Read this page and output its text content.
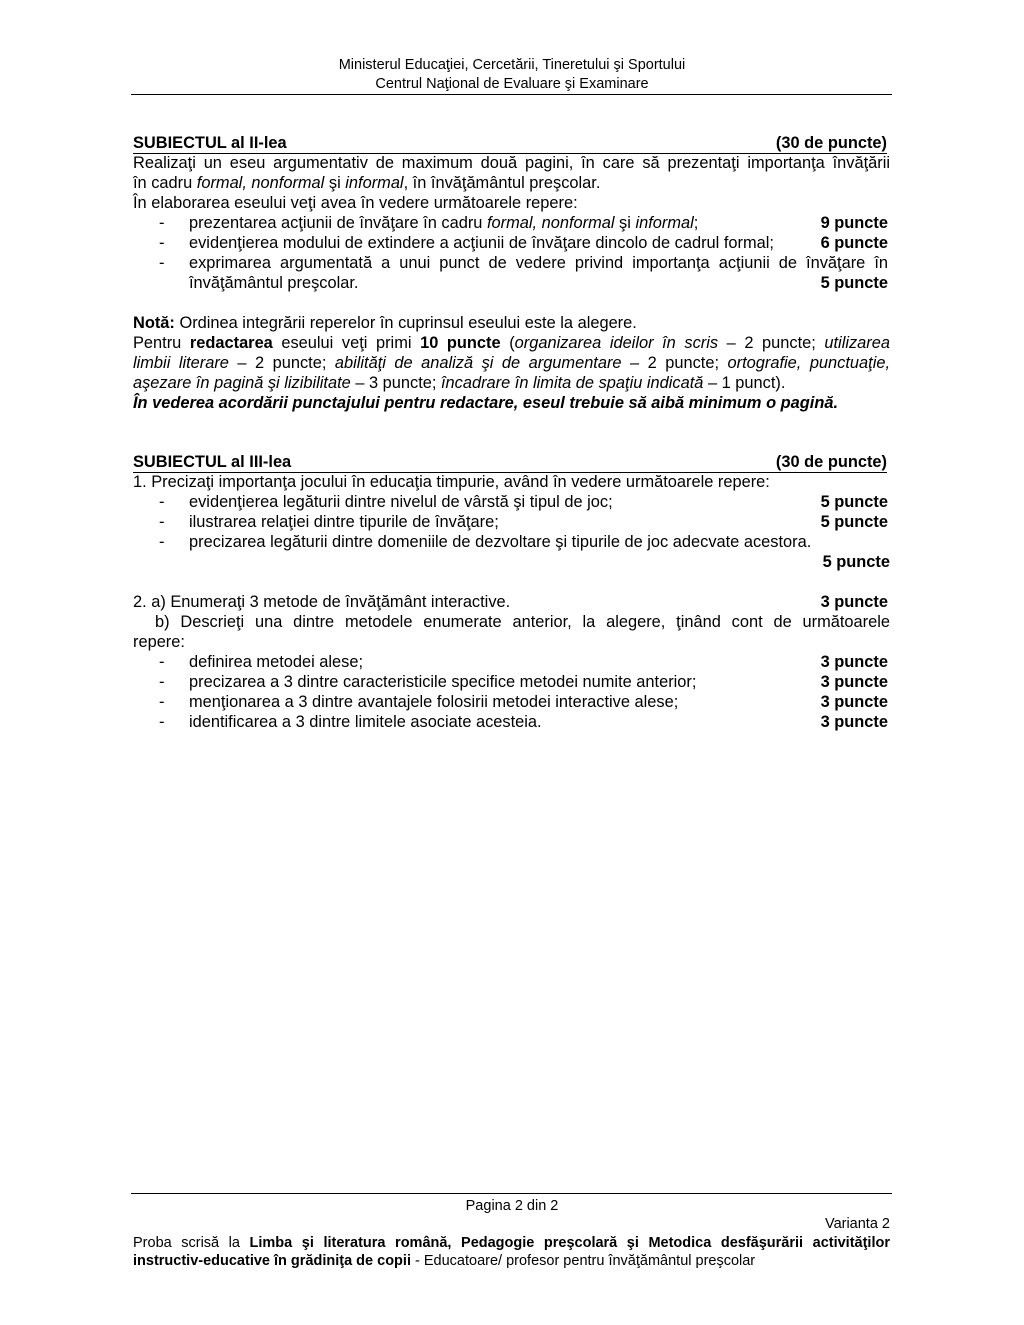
Ministerul Educaţiei, Cercetării, Tineretului şi Sportului
Centrul Naţional de Evaluare şi Examinare
SUBIECTUL al II-lea	(30 de puncte)
Realizaţi un eseu argumentativ de maximum două pagini, în care să prezentaţi importanţa învăţării
în cadru formal, nonformal şi informal, în învăţământul preşcolar.
În elaborarea eseului veţi avea în vedere următoarele repere:
- prezentarea acţiunii de învăţare în cadru formal, nonformal şi informal;	9 puncte
- evidenţierea modului de extindere a acţiunii de învăţare dincolo de cadrul formal;	6 puncte
- exprimarea argumentată a unui punct de vedere privind importanţa acţiunii de învăţare în
învăţământul preşcolar.	5 puncte
Notă: Ordinea integrării reperelor în cuprinsul eseului este la alegere.
Pentru redactarea eseului veţi primi 10 puncte (organizarea ideilor în scris – 2 puncte; utilizarea
limbii literare – 2 puncte; abilităţi de analiză şi de argumentare – 2 puncte; ortografie, punctuaţie,
aşezare în pagină şi lizibilitate – 3 puncte; încadrare în limita de spaţiu indicată – 1 punct).
În vederea acordării punctajului pentru redactare, eseul trebuie să aibă minimum o pagină.
SUBIECTUL al III-lea	(30 de puncte)
1. Precizaţi importanţa jocului în educaţia timpurie, având în vedere următoarele repere:
- evidenţierea legăturii dintre nivelul de vârstă şi tipul de joc;	5 puncte
- ilustrarea relaţiei dintre tipurile de învăţare;	5 puncte
- precizarea legăturii dintre domeniile de dezvoltare şi tipurile de joc adecvate acestora.
5 puncte
2. a) Enumeraţi 3 metode de învăţământ interactive.	3 puncte
b) Descrieţi una dintre metodele enumerate anterior, la alegere, ţinând cont de următoarele
repere:
- definirea metodei alese;	3 puncte
- precizarea a 3 dintre caracteristicile specifice metodei numite anterior;	3 puncte
- menţionarea a 3 dintre avantajele folosirii metodei interactive alese;	3 puncte
- identificarea a 3 dintre limitele asociate acesteia.	3 puncte
Pagina 2 din 2
Varianta 2
Proba scrisă la Limba şi literatura română, Pedagogie preşcolară şi Metodica desfăşurării activităţilor
instructiv-educative în grădiniţa de copii - Educatoare/ profesor pentru învăţământul preşcolar
